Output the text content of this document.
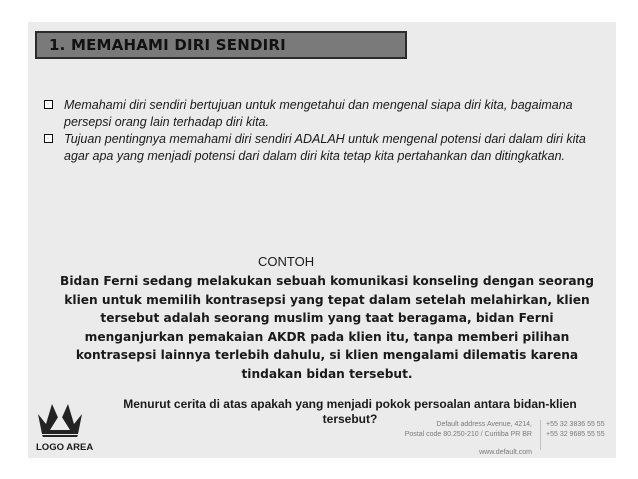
1. MEMAHAMI DIRI SENDIRI

Memahami diri sendiri bertujuan untuk mengetahui dan mengenal siapa diri kita, bagaimana persepsi orang lain terhadap diri kita.

Tujuan pentingnya memahami diri sendiri ADALAH untuk mengenal potensi dari dalam diri kita agar apa yang menjadi potensi dari dalam diri kita tetap kita pertahankan dan ditingkatkan.

CONTOH
Bidan Ferni sedang melakukan sebuah komunikasi konseling dengan seorang klien untuk memilih kontrasepsi yang tepat dalam setelah melahirkan, klien tersebut adalah seorang muslim yang taat beragama, bidan Ferni menganjurkan pemakaian AKDR pada klien itu, tanpa memberi pilihan kontrasepsi lainnya terlebih dahulu, si klien mengalami dilematis karena tindakan bidan tersebut.
Menurut cerita di atas apakah yang menjadi pokok persoalan antara bidan-klien tersebut?
LOGO AREA
Default address Avenue, 4214,
Postal code 80.250-210 / Curitiba PR BR
www.default.com
+55 32 3836 55 55
+55 32 9685 55 55
